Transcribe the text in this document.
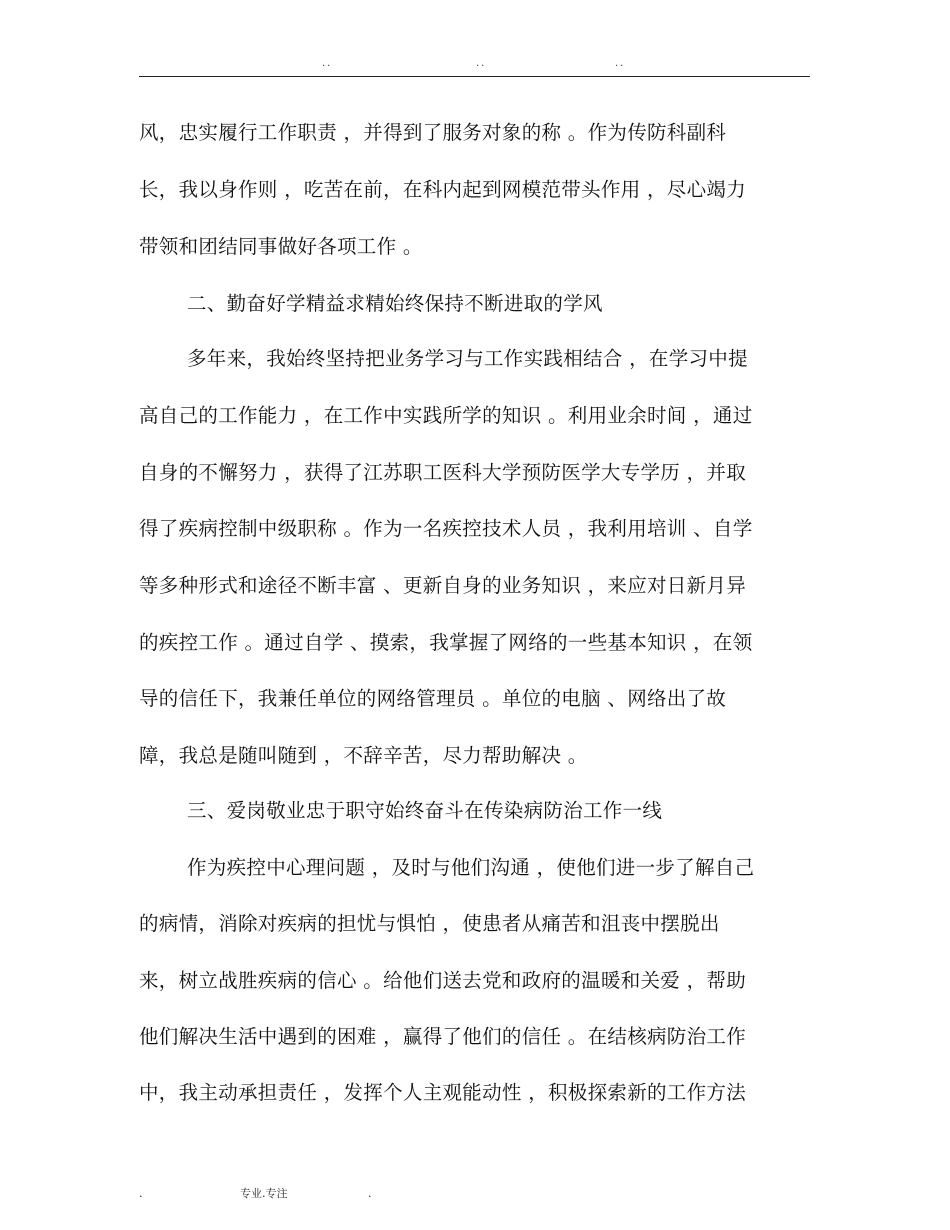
..	..	..
风，忠实履行工作职责 ，并得到了服务对象的称 。作为传防科副科
长，我以身作则 ，吃苦在前，在科内起到网模范带头作用 ，尽心竭力
带领和团结同事做好各项工作 。
二、勤奋好学精益求精始终保持不断进取的学风
多年来，我始终坚持把业务学习与工作实践相结合 ，在学习中提
高自己的工作能力 ，在工作中实践所学的知识 。利用业余时间 ，通过
自身的不懈努力 ，获得了江苏职工医科大学预防医学大专学历 ，并取
得了疾病控制中级职称 。作为一名疾控技术人员 ，我利用培训 、自学
等多种形式和途径不断丰富 、更新自身的业务知识 ，来应对日新月异
的疾控工作 。通过自学 、摸索，我掌握了网络的一些基本知识 ，在领
导的信任下，我兼任单位的网络管理员 。单位的电脑 、网络出了故
障，我总是随叫随到 ，不辞辛苦，尽力帮助解决 。
三、爱岗敬业忠于职守始终奋斗在传染病防治工作一线
作为疾控中心理问题 ，及时与他们沟通 ，使他们进一步了解自己
的病情，消除对疾病的担忧与惧怕 ，使患者从痛苦和沮丧中摆脱出
来，树立战胜疾病的信心 。给他们送去党和政府的温暖和关爱 ，帮助
他们解决生活中遇到的困难 ，赢得了他们的信任 。在结核病防治工作
中，我主动承担责任 ，发挥个人主观能动性 ，积极探索新的工作方法
.	专业.专注	.
